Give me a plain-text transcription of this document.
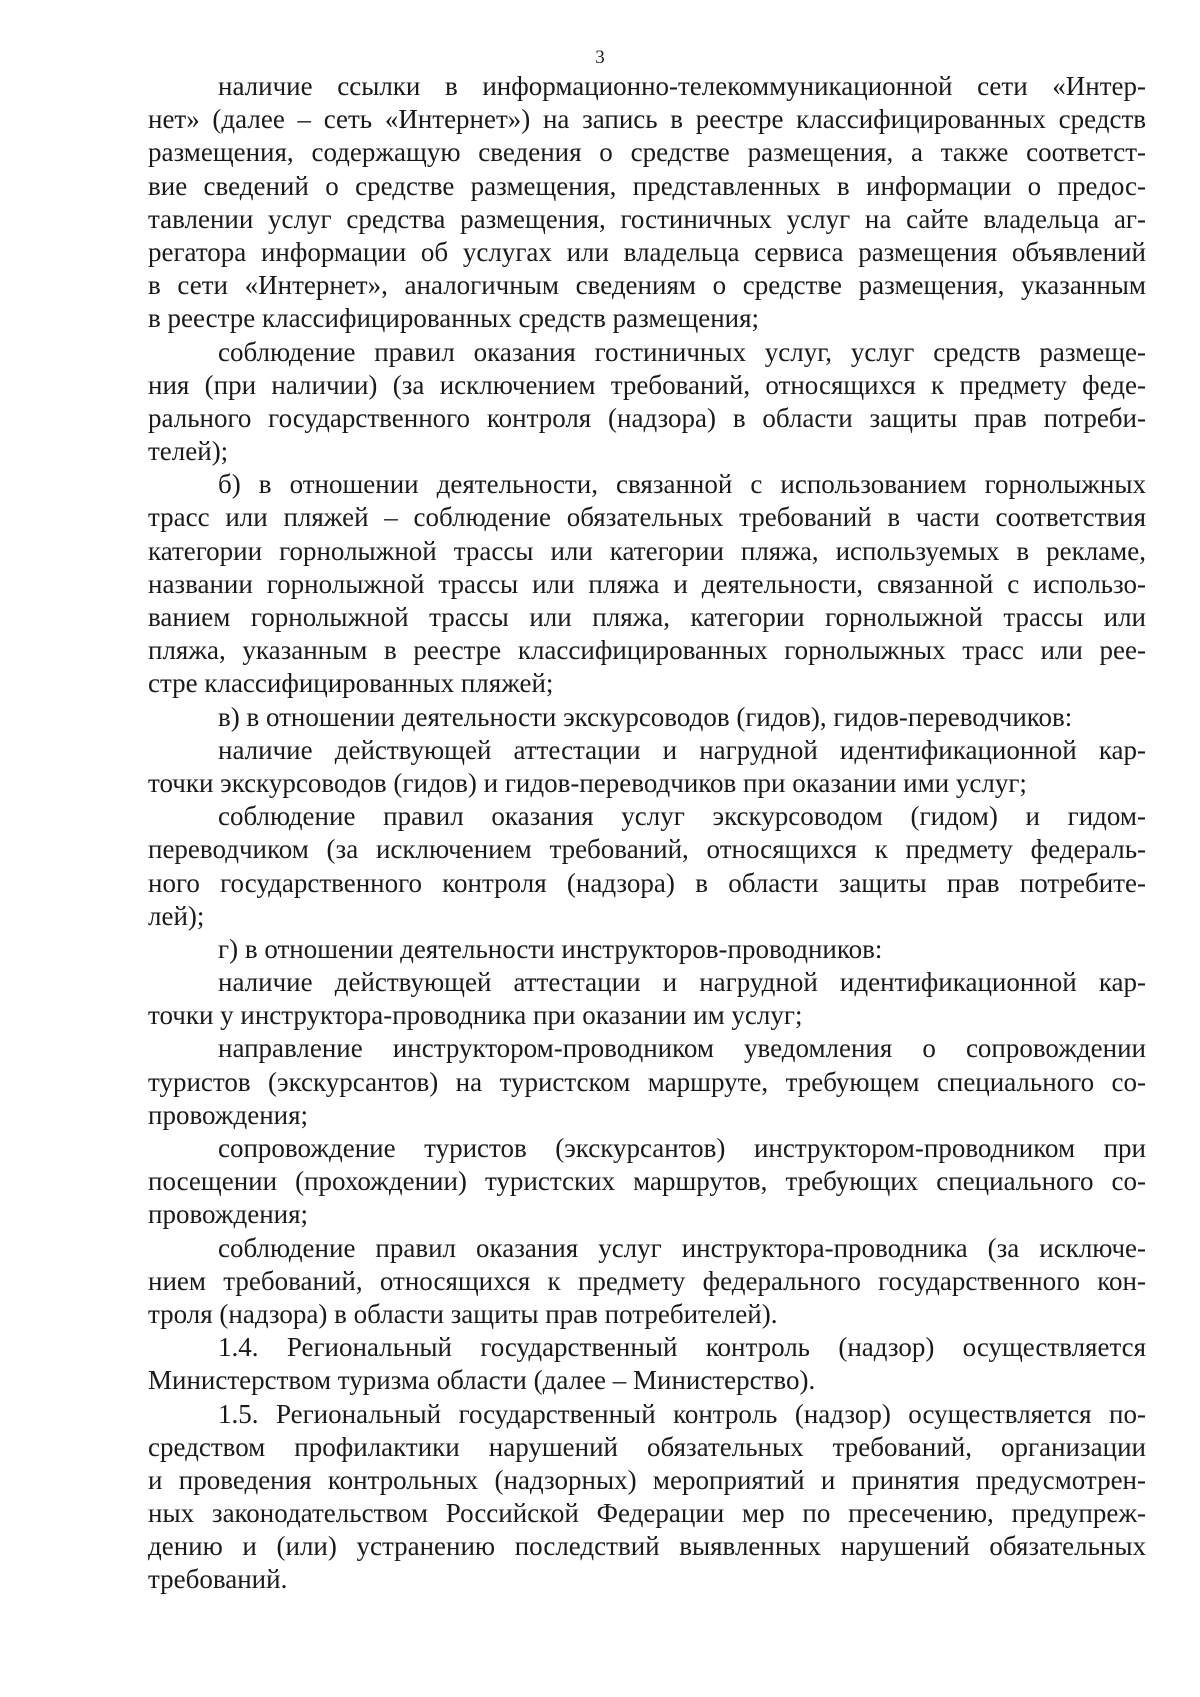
3
наличие ссылки в информационно-телекоммуникационной сети «Интер-
нет» (далее – сеть «Интернет») на запись в реестре классифицированных средств
размещения, содержащую сведения о средстве размещения, а также соответст-
вие сведений о средстве размещения, представленных в информации о предос-
тавлении услуг средства размещения, гостиничных услуг на сайте владельца аг-
регатора информации об услугах или владельца сервиса размещения объявлений
в сети «Интернет», аналогичным сведениям о средстве размещения, указанным
в реестре классифицированных средств размещения;
соблюдение правил оказания гостиничных услуг, услуг средств размеще-
ния (при наличии) (за исключением требований, относящихся к предмету феде-
рального государственного контроля (надзора) в области защиты прав потреби-
телей);
б) в отношении деятельности, связанной с использованием горнолыжных
трасс или пляжей – соблюдение обязательных требований в части соответствия
категории горнолыжной трассы или категории пляжа, используемых в рекламе,
названии горнолыжной трассы или пляжа и деятельности, связанной с использо-
ванием горнолыжной трассы или пляжа, категории горнолыжной трассы или
пляжа, указанным в реестре классифицированных горнолыжных трасс или рее-
стре классифицированных пляжей;
в) в отношении деятельности экскурсоводов (гидов), гидов-переводчиков:
наличие действующей аттестации и нагрудной идентификационной кар-
точки экскурсоводов (гидов) и гидов-переводчиков при оказании ими услуг;
соблюдение правил оказания услуг экскурсоводом (гидом) и гидом-
переводчиком (за исключением требований, относящихся к предмету федераль-
ного государственного контроля (надзора) в области защиты прав потребите-
лей);
г) в отношении деятельности инструкторов-проводников:
наличие действующей аттестации и нагрудной идентификационной кар-
точки у инструктора-проводника при оказании им услуг;
направление инструктором-проводником уведомления о сопровождении
туристов (экскурсантов) на туристском маршруте, требующем специального со-
провождения;
сопровождение туристов (экскурсантов) инструктором-проводником при
посещении (прохождении) туристских маршрутов, требующих специального со-
провождения;
соблюдение правил оказания услуг инструктора-проводника (за исключе-
нием требований, относящихся к предмету федерального государственного кон-
троля (надзора) в области защиты прав потребителей).
1.4. Региональный государственный контроль (надзор) осуществляется
Министерством туризма области (далее – Министерство).
1.5. Региональный государственный контроль (надзор) осуществляется по-
средством профилактики нарушений обязательных требований, организации
и проведения контрольных (надзорных) мероприятий и принятия предусмотрен-
ных законодательством Российской Федерации мер по пресечению, предупреж-
дению и (или) устранению последствий выявленных нарушений обязательных
требований.
